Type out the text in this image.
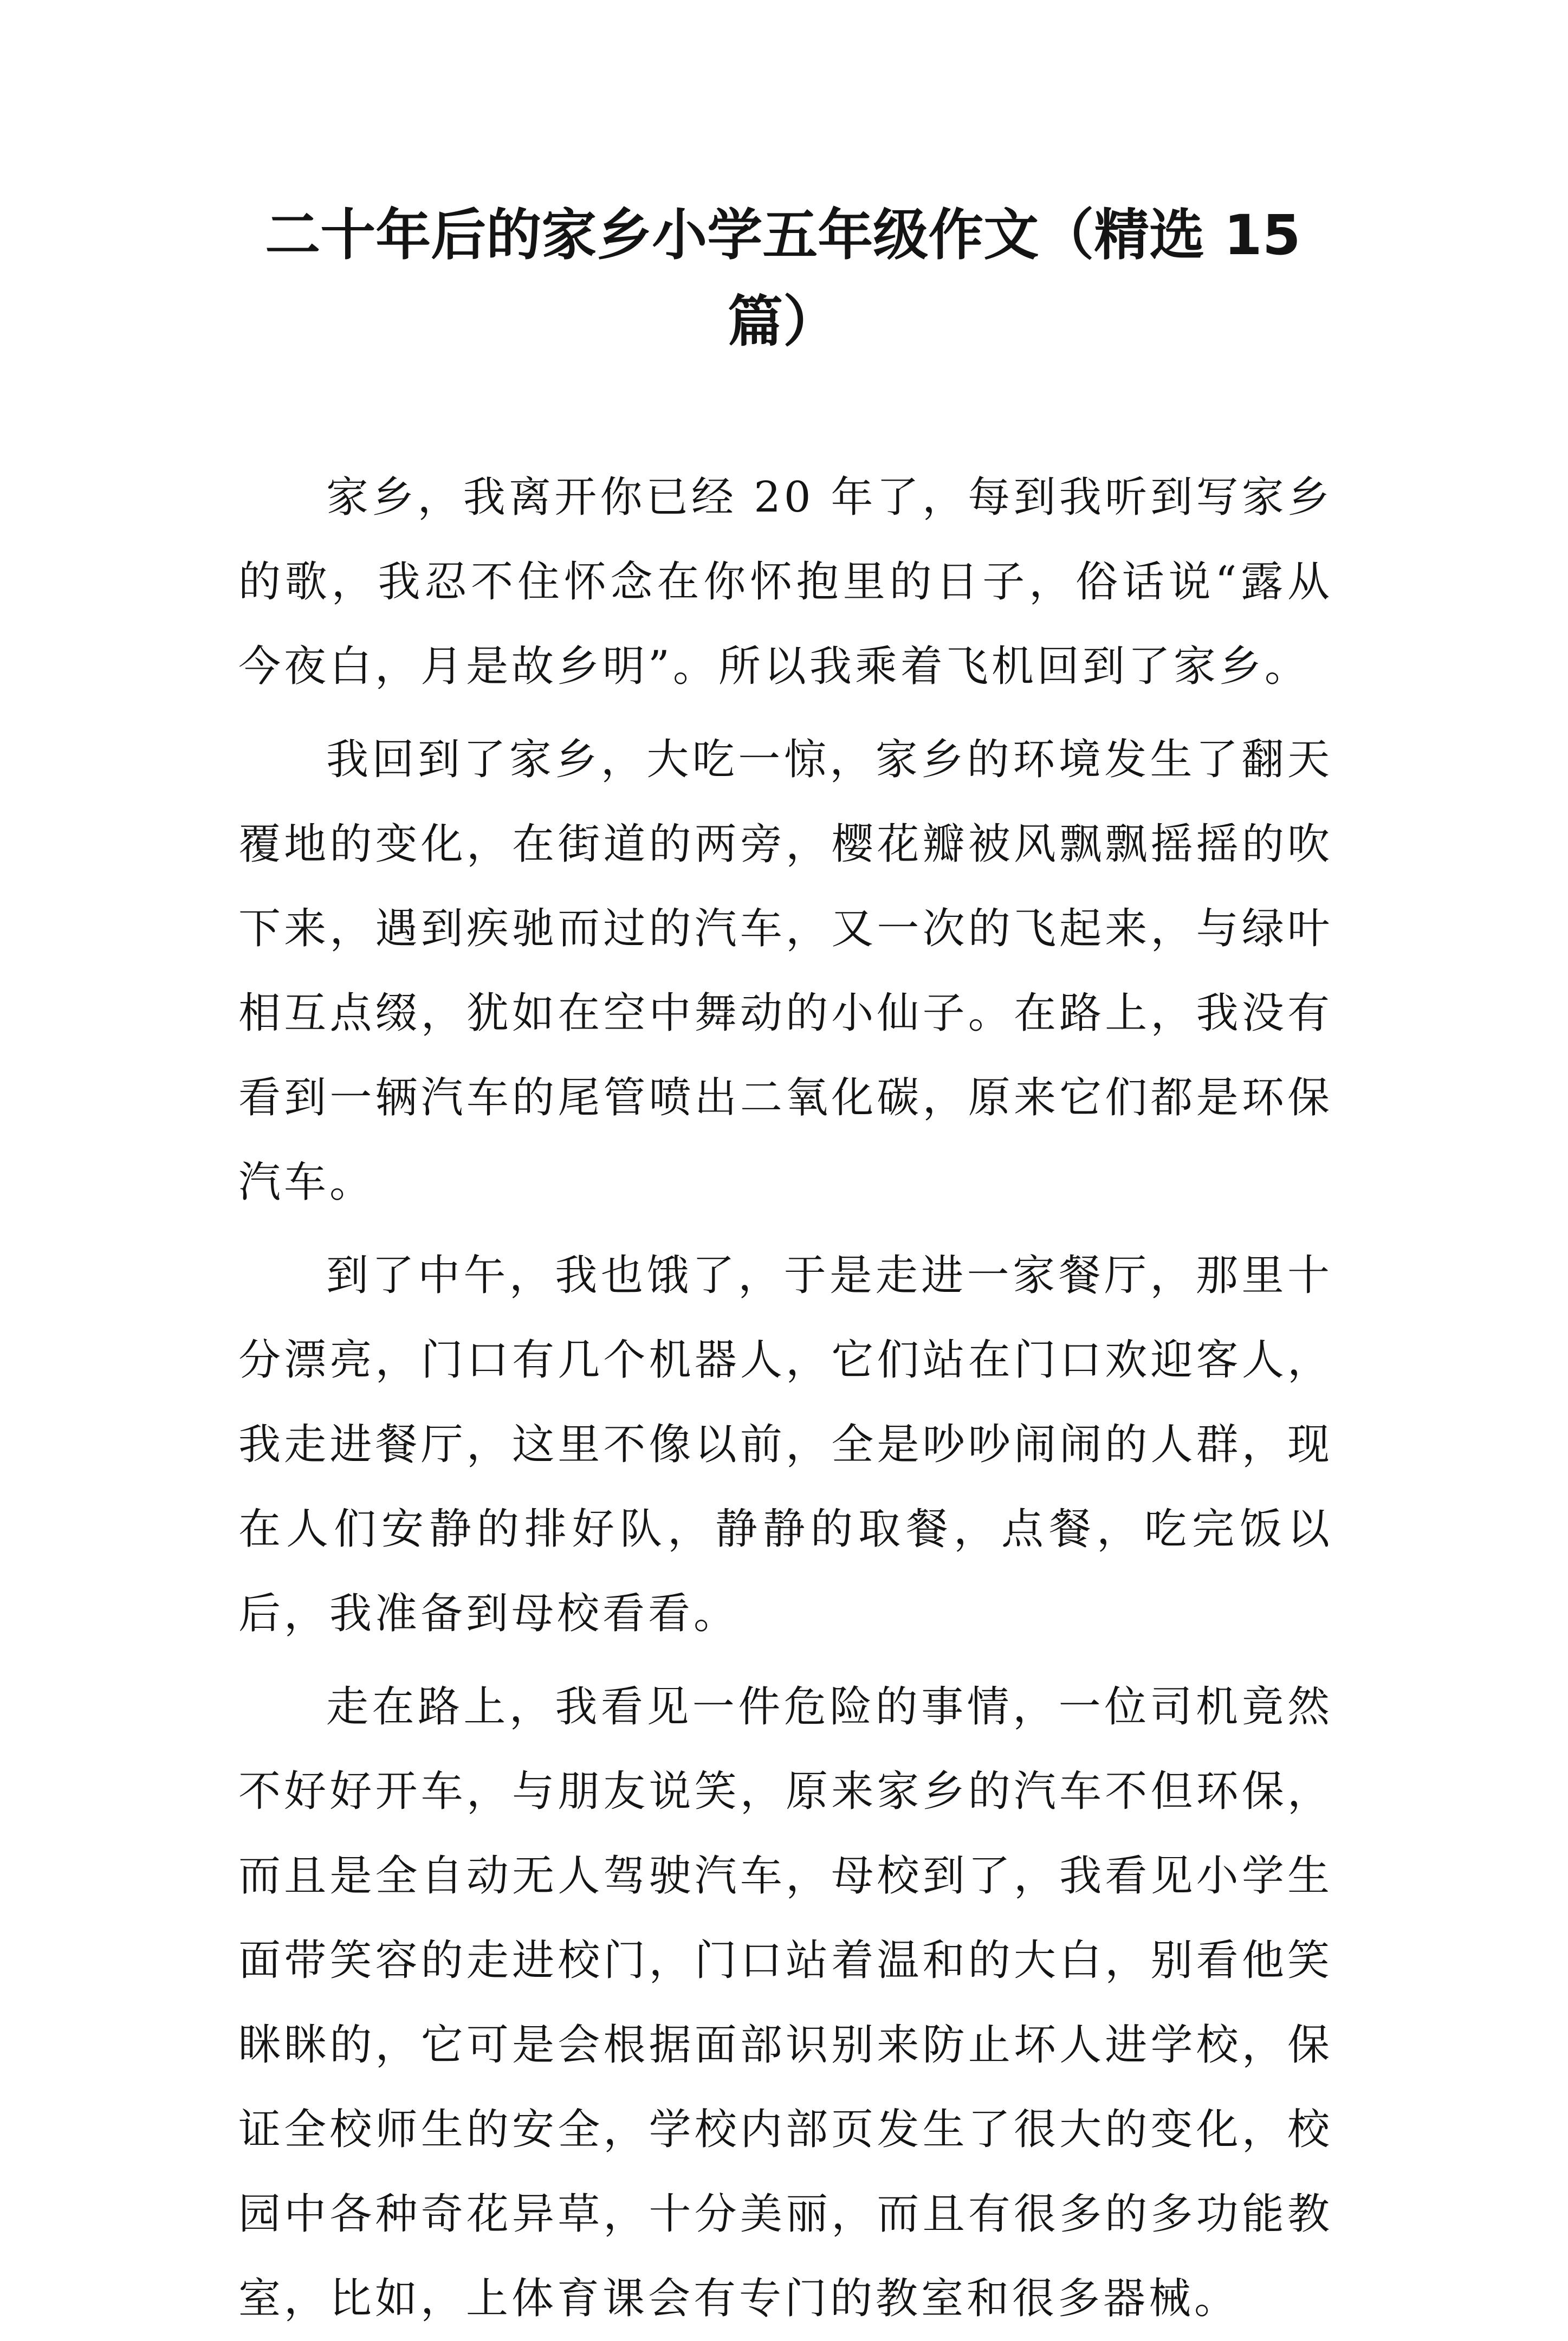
二十年后的家乡小学五年级作文（精选 15 篇）

家乡，我离开你已经 20 年了，每到我听到写家乡的歌，我忍不住怀念在你怀抱里的日子，俗话说“露从今夜白，月是故乡明”。所以我乘着飞机回到了家乡。

我回到了家乡，大吃一惊，家乡的环境发生了翻天覆地的变化，在街道的两旁，樱花瓣被风飘飘摇摇的吹下来，遇到疾驰而过的汽车，又一次的飞起来，与绿叶相互点缀，犹如在空中舞动的小仙子。在路上，我没有看到一辆汽车的尾管喷出二氧化碳，原来它们都是环保汽车。

到了中午，我也饿了，于是走进一家餐厅，那里十分漂亮，门口有几个机器人，它们站在门口欢迎客人，我走进餐厅，这里不像以前，全是吵吵闹闹的人群，现在人们安静的排好队，静静的取餐，点餐，吃完饭以后，我准备到母校看看。

走在路上，我看见一件危险的事情，一位司机竟然不好好开车，与朋友说笑，原来家乡的汽车不但环保，而且是全自动无人驾驶汽车，母校到了，我看见小学生面带笑容的走进校门，门口站着温和的大白，别看他笑眯眯的，它可是会根据面部识别来防止坏人进学校，保证全校师生的安全，学校内部页发生了很大的变化，校园中各种奇花异草，十分美丽，而且有很多的多功能教室，比如，上体育课会有专门的教室和很多器械。
